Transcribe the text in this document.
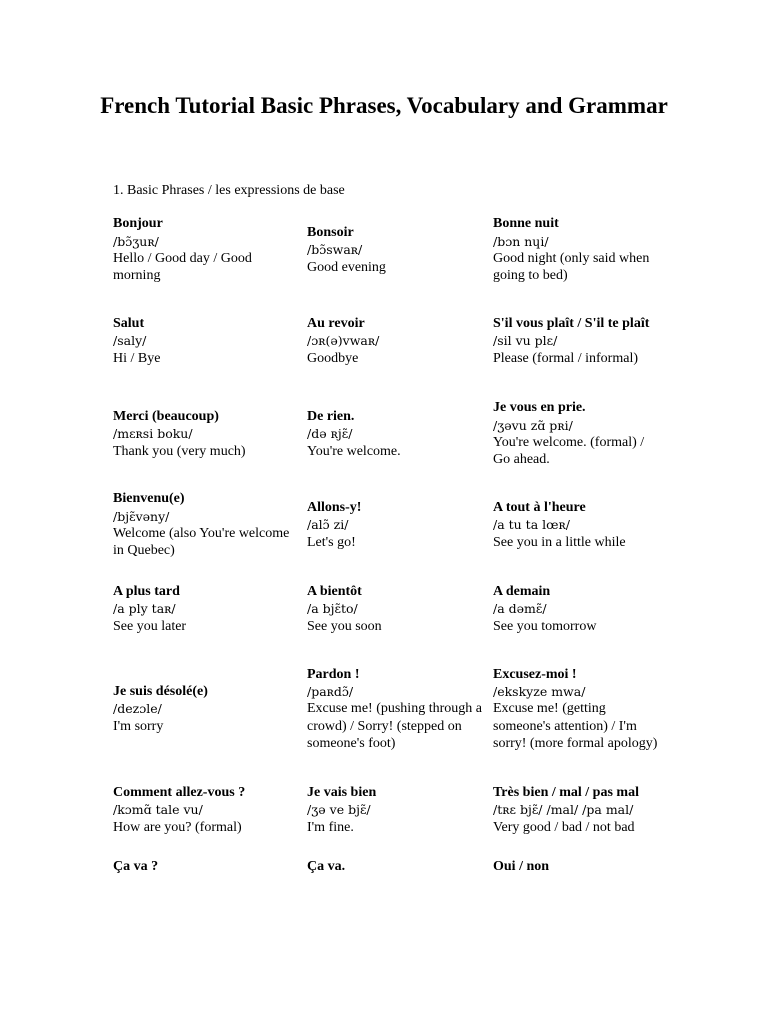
French Tutorial Basic Phrases, Vocabulary and Grammar
1. Basic Phrases / les expressions de base
Bonjour
/bɔ̃ʒuʀ/
Hello / Good day / Good morning
Bonsoir
/bɔ̃swaʀ/
Good evening
Bonne nuit
/bɔn nɥi/
Good night (only said when going to bed)
Salut
/saly/
Hi / Bye
Au revoir
/ɔʀ(ə)vwaʀ/
Goodbye
S'il vous plaît / S'il te plaît
/sil vu plɛ/
Please (formal / informal)
Merci (beaucoup)
/mɛʀsi boku/
Thank you (very much)
De rien.
/də ʀjɛ̃/
You're welcome.
Je vous en prie.
/ʒəvu zɑ̃ pʀi/
You're welcome. (formal) / Go ahead.
Bienvenu(e)
/bjɛ̃vəny/
Welcome (also You're welcome in Quebec)
Allons-y!
/alɔ̃ zi/
Let's go!
A tout à l'heure
/a tu ta lœʀ/
See you in a little while
A plus tard
/a ply taʀ/
See you later
A bientôt
/a bjɛ̃to/
See you soon
A demain
/a dəmɛ̃/
See you tomorrow
Je suis désolé(e)
/dezɔle/
I'm sorry
Pardon !
/paʀdɔ̃/
Excuse me! (pushing through a crowd) / Sorry! (stepped on someone's foot)
Excusez-moi !
/ekskyze mwa/
Excuse me! (getting someone's attention) / I'm sorry! (more formal apology)
Comment allez-vous ?
/kɔmɑ̃ tale vu/
How are you? (formal)
Je vais bien
/ʒə ve bjɛ̃/
I'm fine.
Très bien / mal / pas mal
/tʀɛ bjɛ̃/ /mal/ /pa mal/
Very good / bad / not bad
Ça va ?	Ça va.	Oui / non
